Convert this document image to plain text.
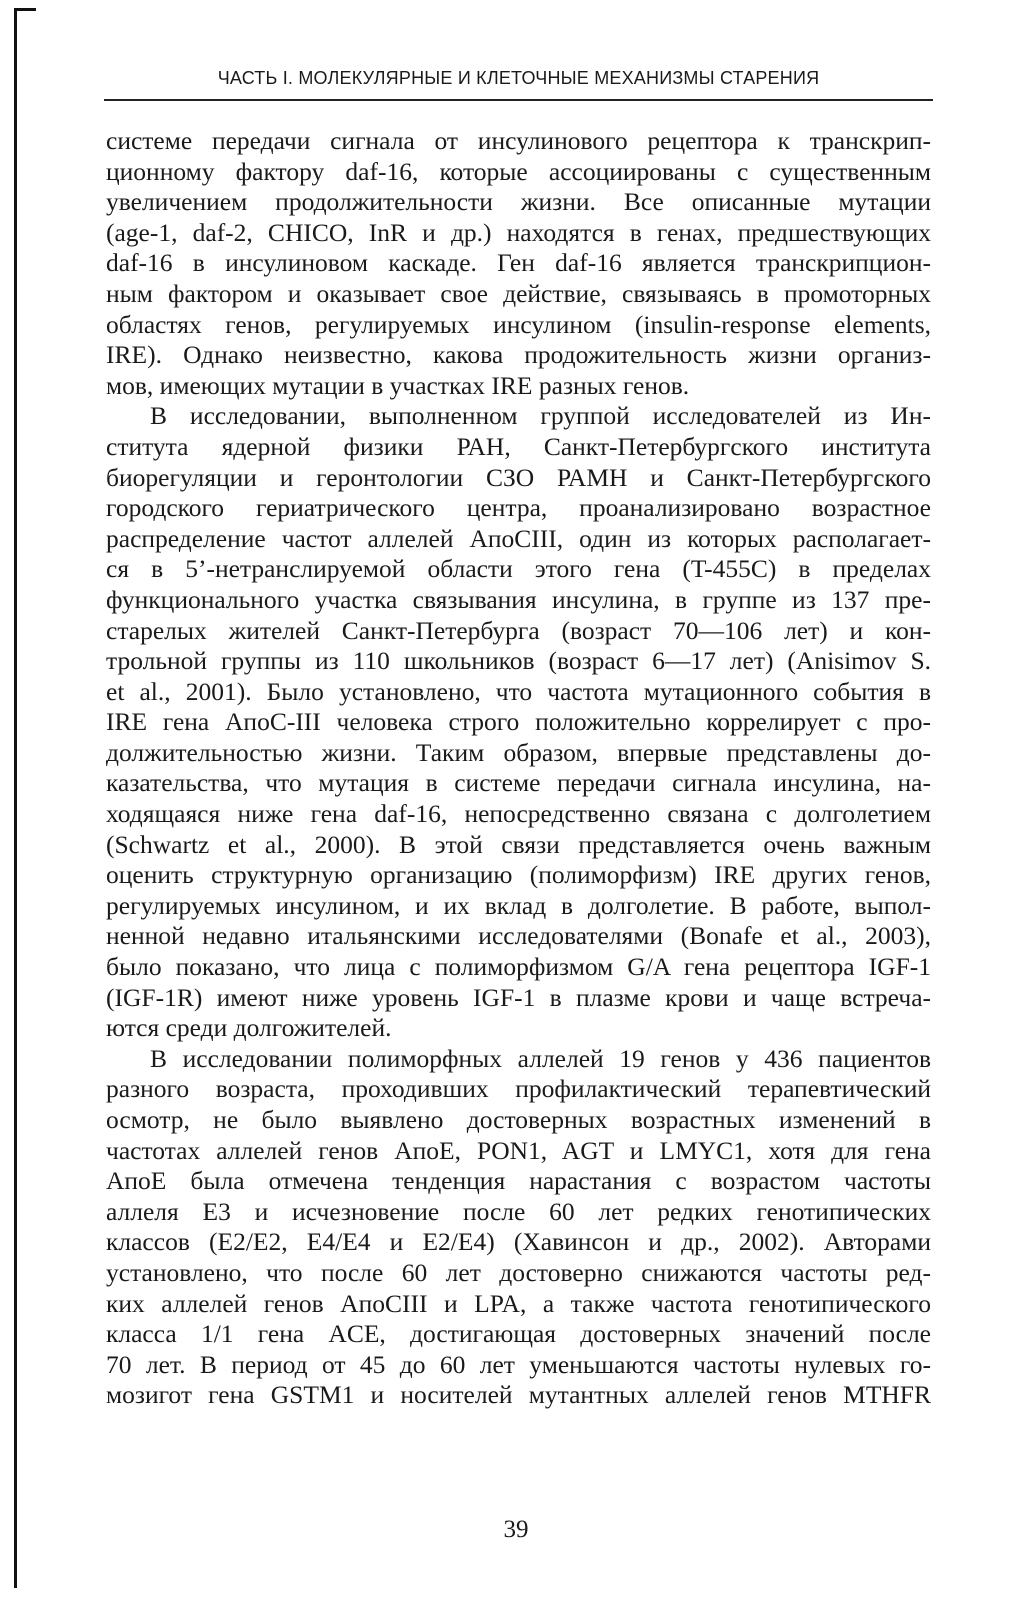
ЧАСТЬ I. МОЛЕКУЛЯРНЫЕ И КЛЕТОЧНЫЕ МЕХАНИЗМЫ СТАРЕНИЯ
системе передачи сигнала от инсулинового рецептора к транскрип-
ционному фактору daf-16, которые ассоциированы с существенным
увеличением продолжительности жизни. Все описанные мутации
(age-1, daf-2, CHICO, InR и др.) находятся в генах, предшествующих
daf-16 в инсулиновом каскаде. Ген daf-16 является транскрипцион-
ным фактором и оказывает свое действие, связываясь в промоторных
областях генов, регулируемых инсулином (insulin-response elements,
IRE). Однако неизвестно, какова продожительность жизни организ-
мов, имеющих мутации в участках IRE разных генов.
В исследовании, выполненном группой исследователей из Ин-
ститута ядерной физики РАН, Санкт-Петербургского института
биорегуляции и геронтологии СЗО РАМН и Санкт-Петербургского
городского гериатрического центра, проанализировано возрастное
распределение частот аллелей АпоCIII, один из которых располагает-
ся в 5’-нетранслируемой области этого гена (T-455C) в пределах
функционального участка связывания инсулина, в группе из 137 пре-
старелых жителей Санкт-Петербурга (возраст 70—106 лет) и кон-
трольной группы из 110 школьников (возраст 6—17 лет) (Anisimov S.
et al., 2001). Было установлено, что частота мутационного события в
IRE гена АпоС-III человека строго положительно коррелирует с про-
должительностью жизни. Таким образом, впервые представлены до-
казательства, что мутация в системе передачи сигнала инсулина, на-
ходящаяся ниже гена daf-16, непосредственно связана с долголетием
(Schwartz et al., 2000). В этой связи представляется очень важным
оценить структурную организацию (полиморфизм) IRE других генов,
регулируемых инсулином, и их вклад в долголетие. В работе, выпол-
ненной недавно итальянскими исследователями (Bonafe et al., 2003),
было показано, что лица с полиморфизмом G/A гена рецептора IGF-1
(IGF-1R) имеют ниже уровень IGF-1 в плазме крови и чаще встреча-
ются среди долгожителей.
В исследовании полиморфных аллелей 19 генов у 436 пациентов
разного возраста, проходивших профилактический терапевтический
осмотр, не было выявлено достоверных возрастных изменений в
частотах аллелей генов АпоЕ, PON1, AGT и LMYC1, хотя для гена
АпоЕ была отмечена тенденция нарастания с возрастом частоты
аллеля Е3 и исчезновение после 60 лет редких генотипических
классов (Е2/Е2, Е4/Е4 и Е2/Е4) (Хавинсон и др., 2002). Авторами
установлено, что после 60 лет достоверно снижаются частоты ред-
ких аллелей генов АпоCIII и LPA, а также частота генотипического
класса 1/1 гена ACE, достигающая достоверных значений после
70 лет. В период от 45 до 60 лет уменьшаются частоты нулевых го-
мозигот гена GSTM1 и носителей мутантных аллелей генов MTHFR
39
